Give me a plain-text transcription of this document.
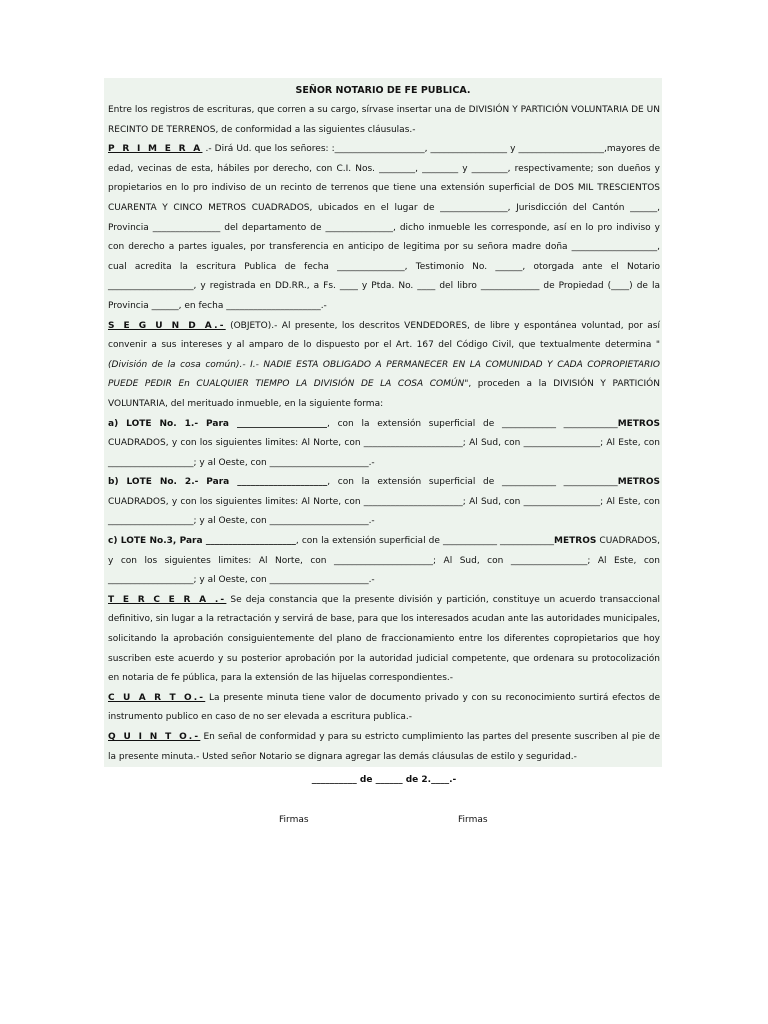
SEÑOR NOTARIO DE FE PUBLICA.

Entre los registros de escrituras, que corren a su cargo, sírvase insertar una de DIVISIÓN Y PARTICIÓN VOLUNTARIA DE UN RECINTO DE TERRENOS, de conformidad a las siguientes cláusulas.-

P R I M E R A .- Dirá Ud. que los señores: :____________________, _________________ y ___________________,mayores de edad, vecinas de esta, hábiles por derecho, con C.I. Nos. ________, ________ y ________, respectivamente; son dueños y propietarios en lo pro indiviso de un recinto de terrenos que tiene una extensión superficial de DOS MIL TRESCIENTOS CUARENTA Y CINCO METROS CUADRADOS, ubicados en el lugar de _______________, Jurisdicción del Cantón ______, Provincia _______________ del departamento de _______________, dicho inmueble les corresponde, así en lo pro indiviso y con derecho a partes iguales, por transferencia en anticipo de legitima por su señora madre doña ___________________, cual acredita la escritura Publica de fecha _______________, Testimonio No. ______, otorgada ante el Notario ___________________, y registrada en DD.RR., a Fs. ____ y Ptda. No. ____ del libro _____________ de Propiedad (____) de la Provincia ______, en fecha _____________________.-

S E G U N D A.- (OBJETO).- Al presente, los descritos VENDEDORES, de libre y espontánea voluntad, por así convenir a sus intereses y al amparo de lo dispuesto por el Art. 167 del Código Civil, que textualmente determina "(División de la cosa común).- I.- NADIE ESTA OBLIGADO A PERMANECER EN LA COMUNIDAD Y CADA COPROPIETARIO PUEDE PEDIR En CUALQUIER TIEMPO LA DIVISIÓN DE LA COSA COMÚN", proceden a la DIVISIÓN Y PARTICIÓN VOLUNTARIA, del merituado inmueble, en la siguiente forma:

a) LOTE No. 1.- Para ____________________, con la extensión superficial de ____________ ____________METROS CUADRADOS, y con los siguientes limites: Al Norte, con ______________________; Al Sud, con _________________; Al Este, con ___________________; y al Oeste, con ______________________.-

b) LOTE No. 2.- Para ____________________, con la extensión superficial de ____________ ____________METROS CUADRADOS, y con los siguientes limites: Al Norte, con ______________________; Al Sud, con _________________; Al Este, con ___________________; y al Oeste, con ______________________.-

c) LOTE No.3, Para ____________________, con la extensión superficial de ____________ ____________METROS CUADRADOS, y con los siguientes limites: Al Norte, con ______________________; Al Sud, con _________________; Al Este, con ___________________; y al Oeste, con ______________________.-

T E R C E R A .- Se deja constancia que la presente división y partición, constituye un acuerdo transaccional definitivo, sin lugar a la retractación y servirá de base, para que los interesados acudan ante las autoridades municipales, solicitando la aprobación consiguientemente del plano de fraccionamiento entre los diferentes copropietarios que hoy suscriben este acuerdo y su posterior aprobación por la autoridad judicial competente, que ordenara su protocolización en notaria de fe pública, para la extensión de las hijuelas correspondientes.-

C U A R T O.- La presente minuta tiene valor de documento privado y con su reconocimiento surtirá efectos de instrumento publico en caso de no ser elevada a escritura publica.-

Q U I N T O.- En señal de conformidad y para su estricto cumplimiento las partes del presente suscriben al pie de la presente minuta.- Usted señor Notario se dignara agregar las demás cláusulas de estilo y seguridad.-

__________ de ______ de 2.____.-
Firmas	Firmas
